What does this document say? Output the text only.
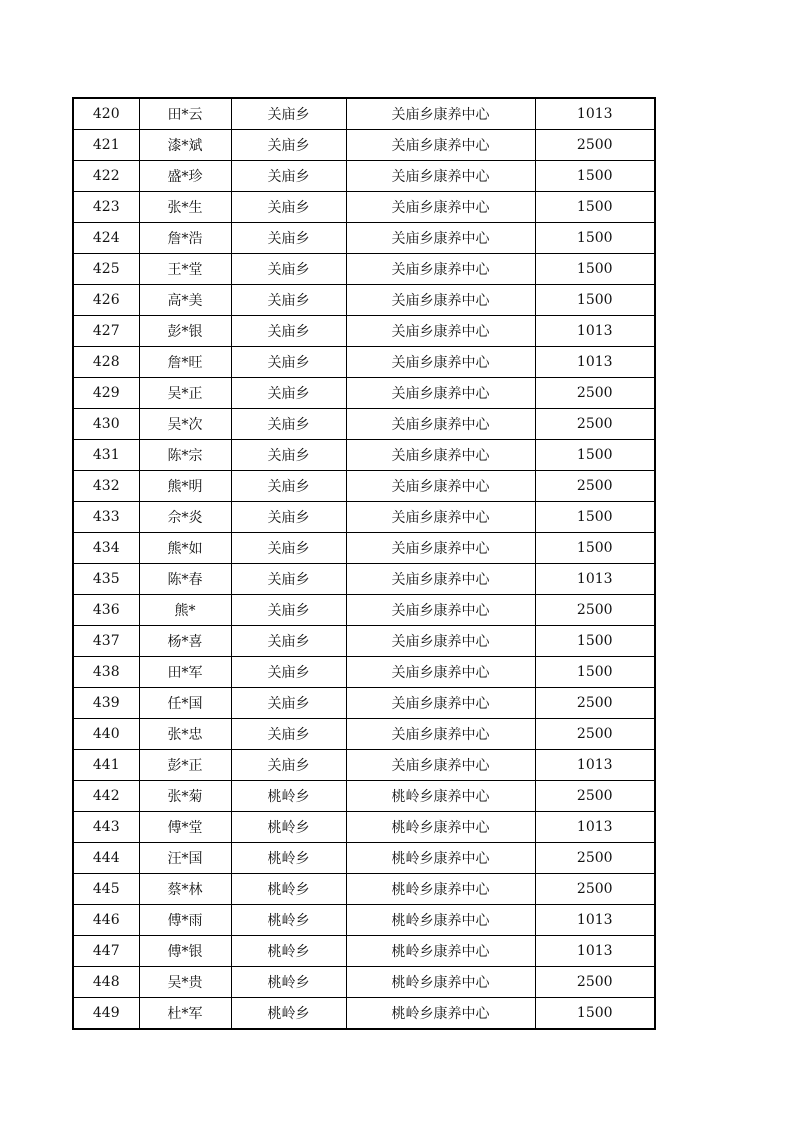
420	田*云	关庙乡	关庙乡康养中心	1013
421	漆*斌	关庙乡	关庙乡康养中心	2500
422	盛*珍	关庙乡	关庙乡康养中心	1500
423	张*生	关庙乡	关庙乡康养中心	1500
424	詹*浩	关庙乡	关庙乡康养中心	1500
425	王*堂	关庙乡	关庙乡康养中心	1500
426	高*美	关庙乡	关庙乡康养中心	1500
427	彭*银	关庙乡	关庙乡康养中心	1013
428	詹*旺	关庙乡	关庙乡康养中心	1013
429	吴*正	关庙乡	关庙乡康养中心	2500
430	吴*次	关庙乡	关庙乡康养中心	2500
431	陈*宗	关庙乡	关庙乡康养中心	1500
432	熊*明	关庙乡	关庙乡康养中心	2500
433	佘*炎	关庙乡	关庙乡康养中心	1500
434	熊*如	关庙乡	关庙乡康养中心	1500
435	陈*春	关庙乡	关庙乡康养中心	1013
436	熊*	关庙乡	关庙乡康养中心	2500
437	杨*喜	关庙乡	关庙乡康养中心	1500
438	田*军	关庙乡	关庙乡康养中心	1500
439	任*国	关庙乡	关庙乡康养中心	2500
440	张*忠	关庙乡	关庙乡康养中心	2500
441	彭*正	关庙乡	关庙乡康养中心	1013
442	张*菊	桃岭乡	桃岭乡康养中心	2500
443	傅*堂	桃岭乡	桃岭乡康养中心	1013
444	汪*国	桃岭乡	桃岭乡康养中心	2500
445	蔡*林	桃岭乡	桃岭乡康养中心	2500
446	傅*雨	桃岭乡	桃岭乡康养中心	1013
447	傅*银	桃岭乡	桃岭乡康养中心	1013
448	吴*贵	桃岭乡	桃岭乡康养中心	2500
449	杜*军	桃岭乡	桃岭乡康养中心	1500
